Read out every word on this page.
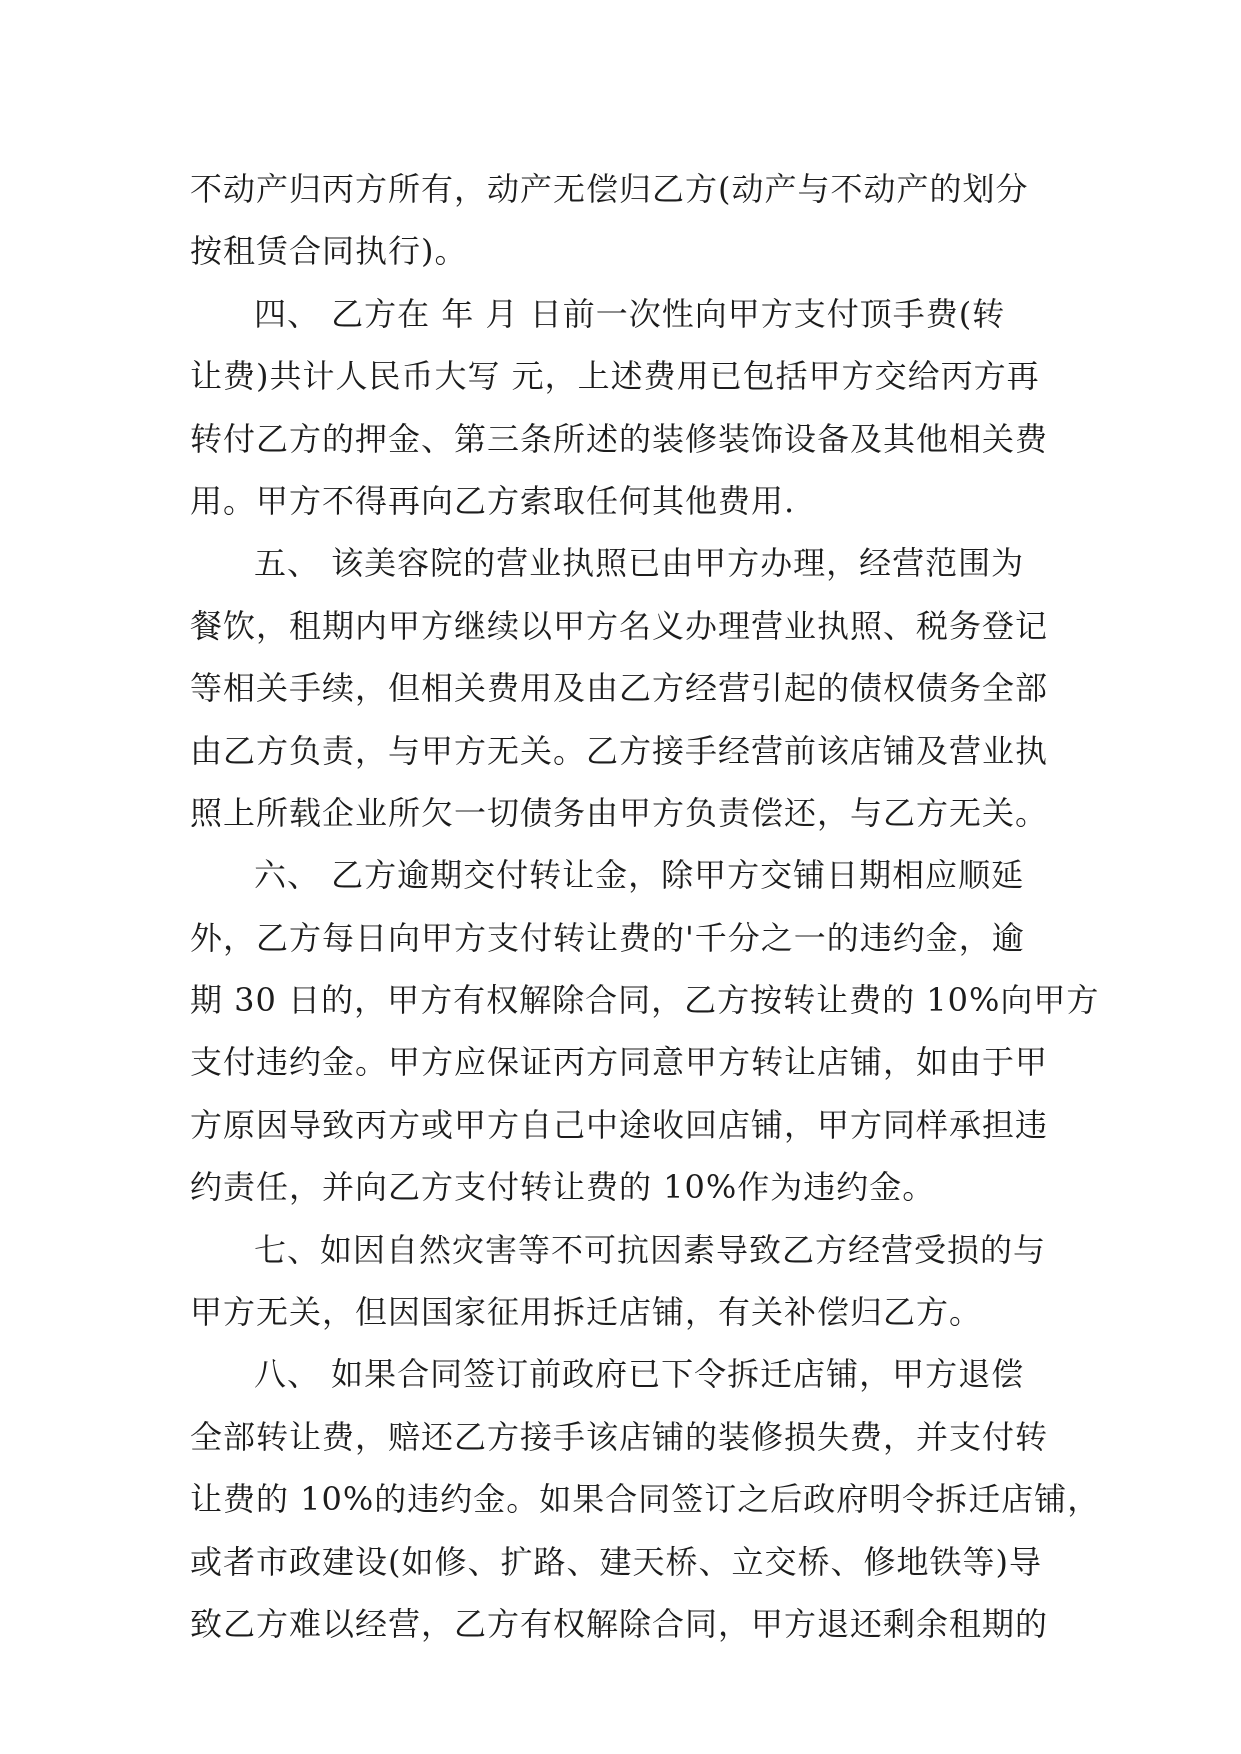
不动产归丙方所有，动产无偿归乙方(动产与不动产的划分
按租赁合同执行)。
四、 乙方在 年 月 日前一次性向甲方支付顶手费(转
让费)共计人民币大写 元，上述费用已包括甲方交给丙方再
转付乙方的押金、第三条所述的装修装饰设备及其他相关费
用。甲方不得再向乙方索取任何其他费用.
五、 该美容院的营业执照已由甲方办理，经营范围为
餐饮，租期内甲方继续以甲方名义办理营业执照、税务登记
等相关手续，但相关费用及由乙方经营引起的债权债务全部
由乙方负责，与甲方无关。乙方接手经营前该店铺及营业执
照上所载企业所欠一切债务由甲方负责偿还，与乙方无关。
六、 乙方逾期交付转让金，除甲方交铺日期相应顺延
外，乙方每日向甲方支付转让费的'千分之一的违约金，逾
期 30 日的，甲方有权解除合同，乙方按转让费的 10%向甲方
支付违约金。甲方应保证丙方同意甲方转让店铺，如由于甲
方原因导致丙方或甲方自己中途收回店铺，甲方同样承担违
约责任，并向乙方支付转让费的 10%作为违约金。
七、如因自然灾害等不可抗因素导致乙方经营受损的与
甲方无关，但因国家征用拆迁店铺，有关补偿归乙方。
八、 如果合同签订前政府已下令拆迁店铺，甲方退偿
全部转让费，赔还乙方接手该店铺的装修损失费，并支付转
让费的 10%的违约金。如果合同签订之后政府明令拆迁店铺，
或者市政建设(如修、扩路、建天桥、立交桥、修地铁等)导
致乙方难以经营，乙方有权解除合同，甲方退还剩余租期的
